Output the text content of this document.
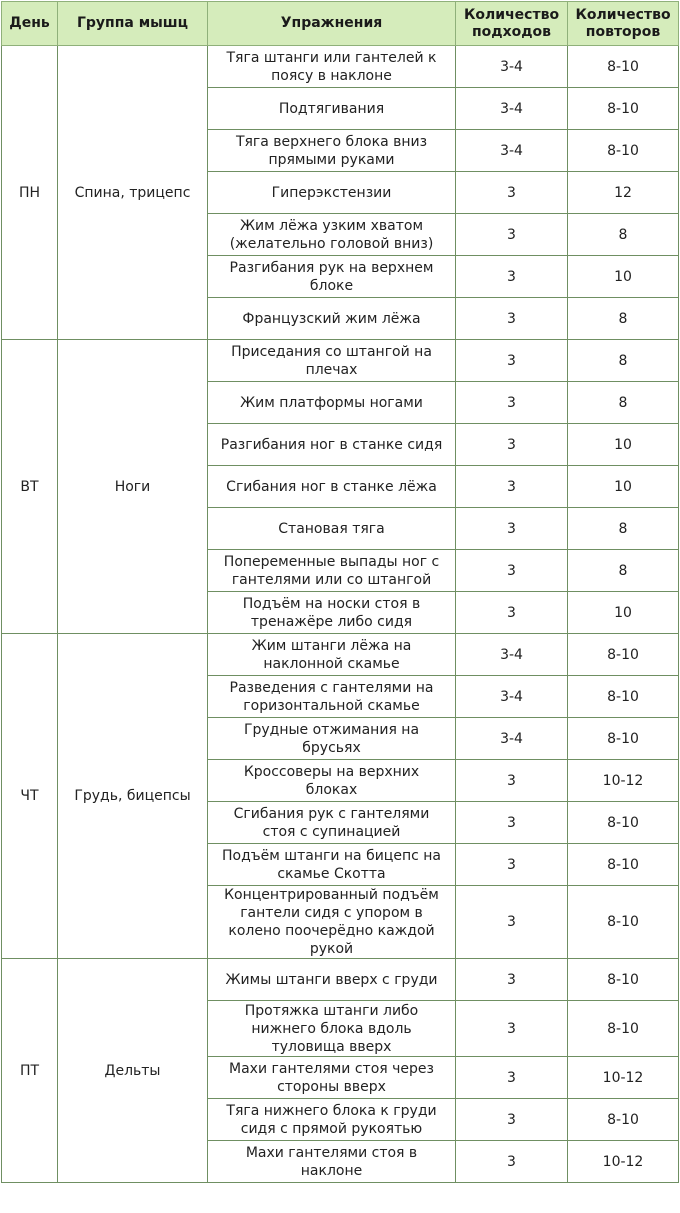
День	Группа мышц	Упражнения	Количество подходов	Количество повторов
ПН	Спина, трицепс	Тяга штанги или гантелей к поясу в наклоне	3-4	8-10
		Подтягивания	3-4	8-10
		Тяга верхнего блока вниз прямыми руками	3-4	8-10
		Гиперэкстензии	3	12
		Жим лёжа узким хватом (желательно головой вниз)	3	8
		Разгибания рук на верхнем блоке	3	10
		Французский жим лёжа	3	8
ВТ	Ноги	Приседания со штангой на плечах	3	8
		Жим платформы ногами	3	8
		Разгибания ног в станке сидя	3	10
		Сгибания ног в станке лёжа	3	10
		Становая тяга	3	8
		Попеременные выпады ног с гантелями или со штангой	3	8
		Подъём на носки стоя в тренажёре либо сидя	3	10
ЧТ	Грудь, бицепсы	Жим штанги лёжа на наклонной скамье	3-4	8-10
		Разведения с гантелями на горизонтальной скамье	3-4	8-10
		Грудные отжимания на брусьях	3-4	8-10
		Кроссоверы на верхних блоках	3	10-12
		Сгибания рук с гантелями стоя с супинацией	3	8-10
		Подъём штанги на бицепс на скамье Скотта	3	8-10
		Концентрированный подъём гантели сидя с упором в колено поочерёдно каждой рукой	3	8-10
ПТ	Дельты	Жимы штанги вверх с груди	3	8-10
		Протяжка штанги либо нижнего блока вдоль туловища вверх	3	8-10
		Махи гантелями стоя через стороны вверх	3	10-12
		Тяга нижнего блока к груди сидя с прямой рукоятью	3	8-10
		Махи гантелями стоя в наклоне	3	10-12
